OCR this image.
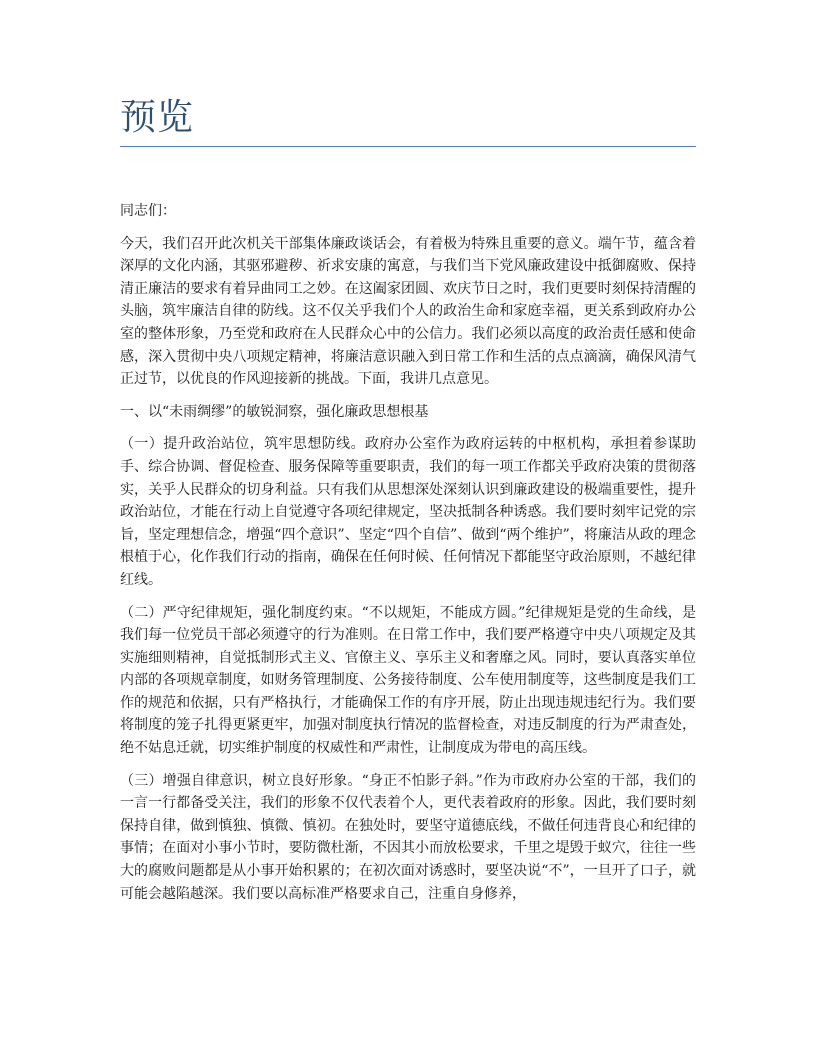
预览

同志们：

今天，我们召开此次机关干部集体廉政谈话会，有着极为特殊且重要的意义。端午节，蕴含着深厚的文化内涵，其驱邪避秽、祈求安康的寓意，与我们当下党风廉政建设中抵御腐败、保持清正廉洁的要求有着异曲同工之妙。在这阖家团圆、欢庆节日之时，我们更要时刻保持清醒的头脑，筑牢廉洁自律的防线。这不仅关乎我们个人的政治生命和家庭幸福，更关系到政府办公室的整体形象，乃至党和政府在人民群众心中的公信力。我们必须以高度的政治责任感和使命感，深入贯彻中央八项规定精神，将廉洁意识融入到日常工作和生活的点点滴滴，确保风清气正过节，以优良的作风迎接新的挑战。下面，我讲几点意见。

一、以“未雨绸缪”的敏锐洞察，强化廉政思想根基

（一）提升政治站位，筑牢思想防线。政府办公室作为政府运转的中枢机构，承担着参谋助手、综合协调、督促检查、服务保障等重要职责，我们的每一项工作都关乎政府决策的贯彻落实，关乎人民群众的切身利益。只有我们从思想深处深刻认识到廉政建设的极端重要性，提升政治站位，才能在行动上自觉遵守各项纪律规定，坚决抵制各种诱惑。我们要时刻牢记党的宗旨，坚定理想信念，增强“四个意识”、坚定“四个自信”、做到“两个维护”，将廉洁从政的理念根植于心，化作我们行动的指南，确保在任何时候、任何情况下都能坚守政治原则，不越纪律红线。

（二）严守纪律规矩，强化制度约束。“不以规矩，不能成方圆。”纪律规矩是党的生命线，是我们每一位党员干部必须遵守的行为准则。在日常工作中，我们要严格遵守中央八项规定及其实施细则精神，自觉抵制形式主义、官僚主义、享乐主义和奢靡之风。同时，要认真落实单位内部的各项规章制度，如财务管理制度、公务接待制度、公车使用制度等，这些制度是我们工作的规范和依据，只有严格执行，才能确保工作的有序开展，防止出现违规违纪行为。我们要将制度的笼子扎得更紧更牢，加强对制度执行情况的监督检查，对违反制度的行为严肃查处，绝不姑息迁就，切实维护制度的权威性和严肃性，让制度成为带电的高压线。

（三）增强自律意识，树立良好形象。“身正不怕影子斜。”作为市政府办公室的干部，我们的一言一行都备受关注，我们的形象不仅代表着个人，更代表着政府的形象。因此，我们要时刻保持自律，做到慎独、慎微、慎初。在独处时，要坚守道德底线，不做任何违背良心和纪律的事情；在面对小事小节时，要防微杜渐，不因其小而放松要求，千里之堤毁于蚁穴，往往一些大的腐败问题都是从小事开始积累的；在初次面对诱惑时，要坚决说“不”，一旦开了口子，就可能会越陷越深。我们要以高标准严格要求自己，注重自身修养，
